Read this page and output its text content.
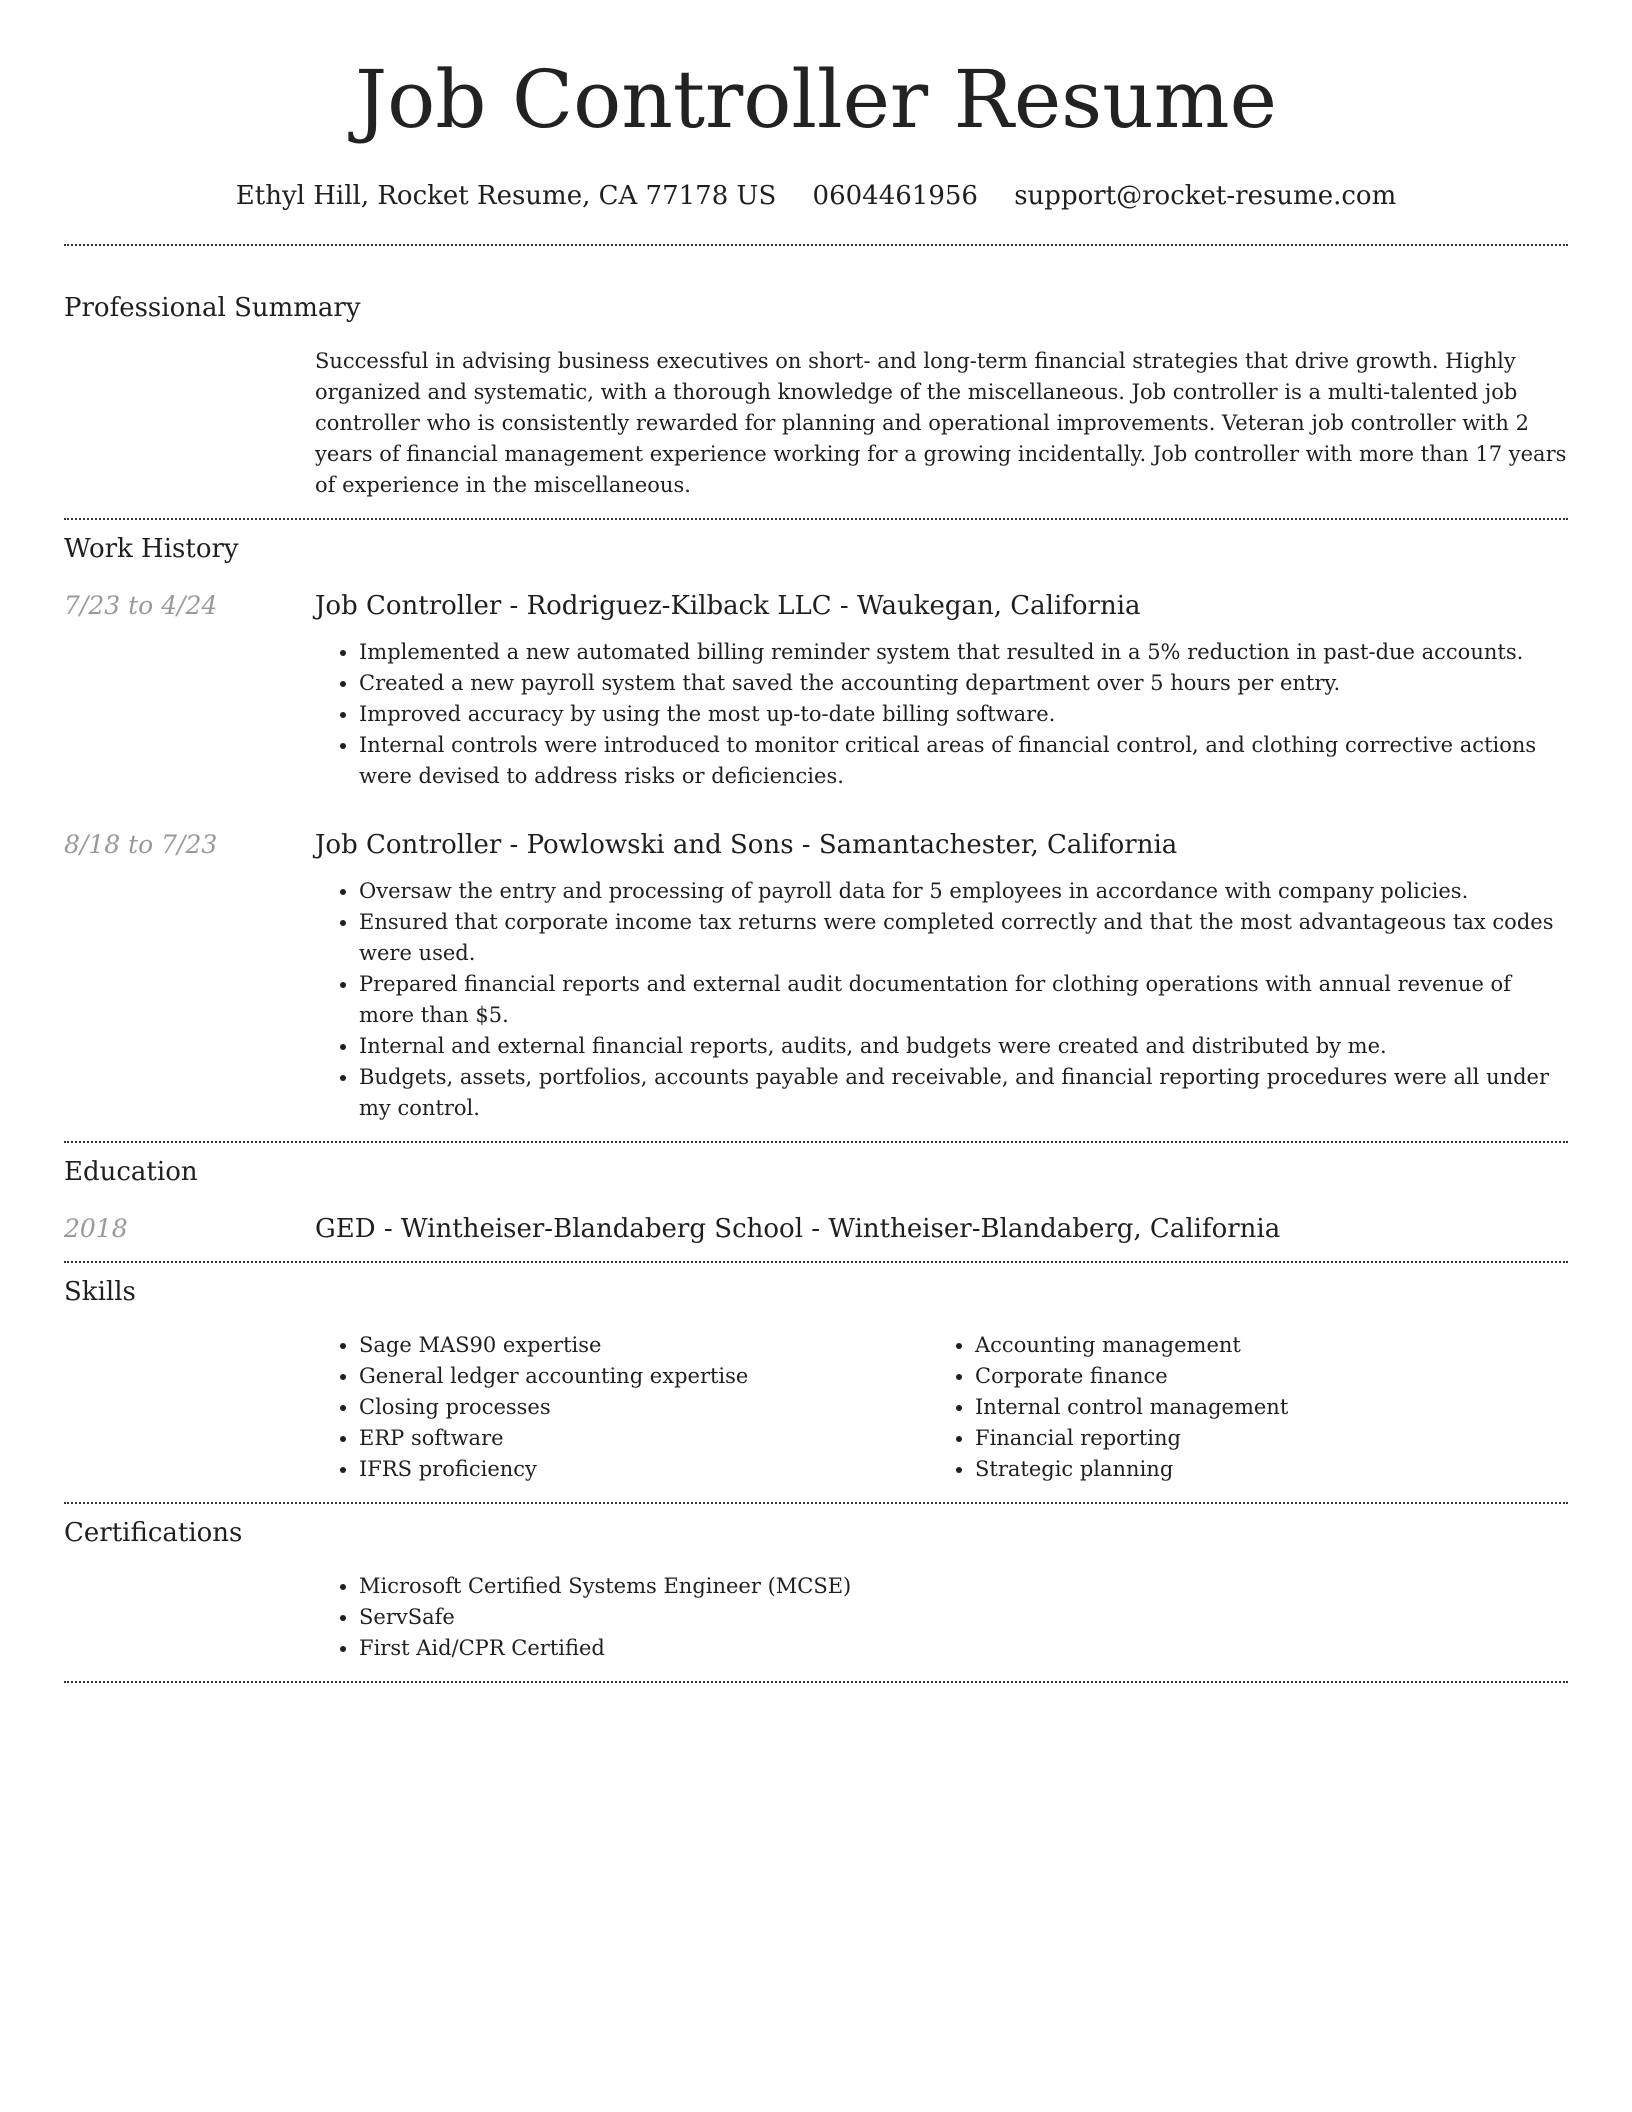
Job Controller Resume
Ethyl Hill, Rocket Resume, CA 77178 US 0604461956 support@rocket-resume.com
Professional Summary

Successful in advising business executives on short- and long-term financial strategies that drive growth. Highly organized and systematic, with a thorough knowledge of the miscellaneous. Job controller is a multi-talented job controller who is consistently rewarded for planning and operational improvements. Veteran job controller with 2 years of financial management experience working for a growing incidentally. Job controller with more than 17 years of experience in the miscellaneous.

Work History
7/23 to 4/24	Job Controller - Rodriguez-Kilback LLC - Waukegan, California
• Implemented a new automated billing reminder system that resulted in a 5% reduction in past-due accounts.
• Created a new payroll system that saved the accounting department over 5 hours per entry.
• Improved accuracy by using the most up-to-date billing software.
• Internal controls were introduced to monitor critical areas of financial control, and clothing corrective actions were devised to address risks or deficiencies.
8/18 to 7/23	Job Controller - Powlowski and Sons - Samantachester, California
• Oversaw the entry and processing of payroll data for 5 employees in accordance with company policies.
• Ensured that corporate income tax returns were completed correctly and that the most advantageous tax codes were used.
• Prepared financial reports and external audit documentation for clothing operations with annual revenue of more than $5.
• Internal and external financial reports, audits, and budgets were created and distributed by me.
• Budgets, assets, portfolios, accounts payable and receivable, and financial reporting procedures were all under my control.
Education
2018	GED - Wintheiser-Blandaberg School - Wintheiser-Blandaberg, California
Skills
• Sage MAS90 expertise
• General ledger accounting expertise
• Closing processes
• ERP software
• IFRS proficiency
• Accounting management
• Corporate finance
• Internal control management
• Financial reporting
• Strategic planning
Certifications
• Microsoft Certified Systems Engineer (MCSE)
• ServSafe
• First Aid/CPR Certified
